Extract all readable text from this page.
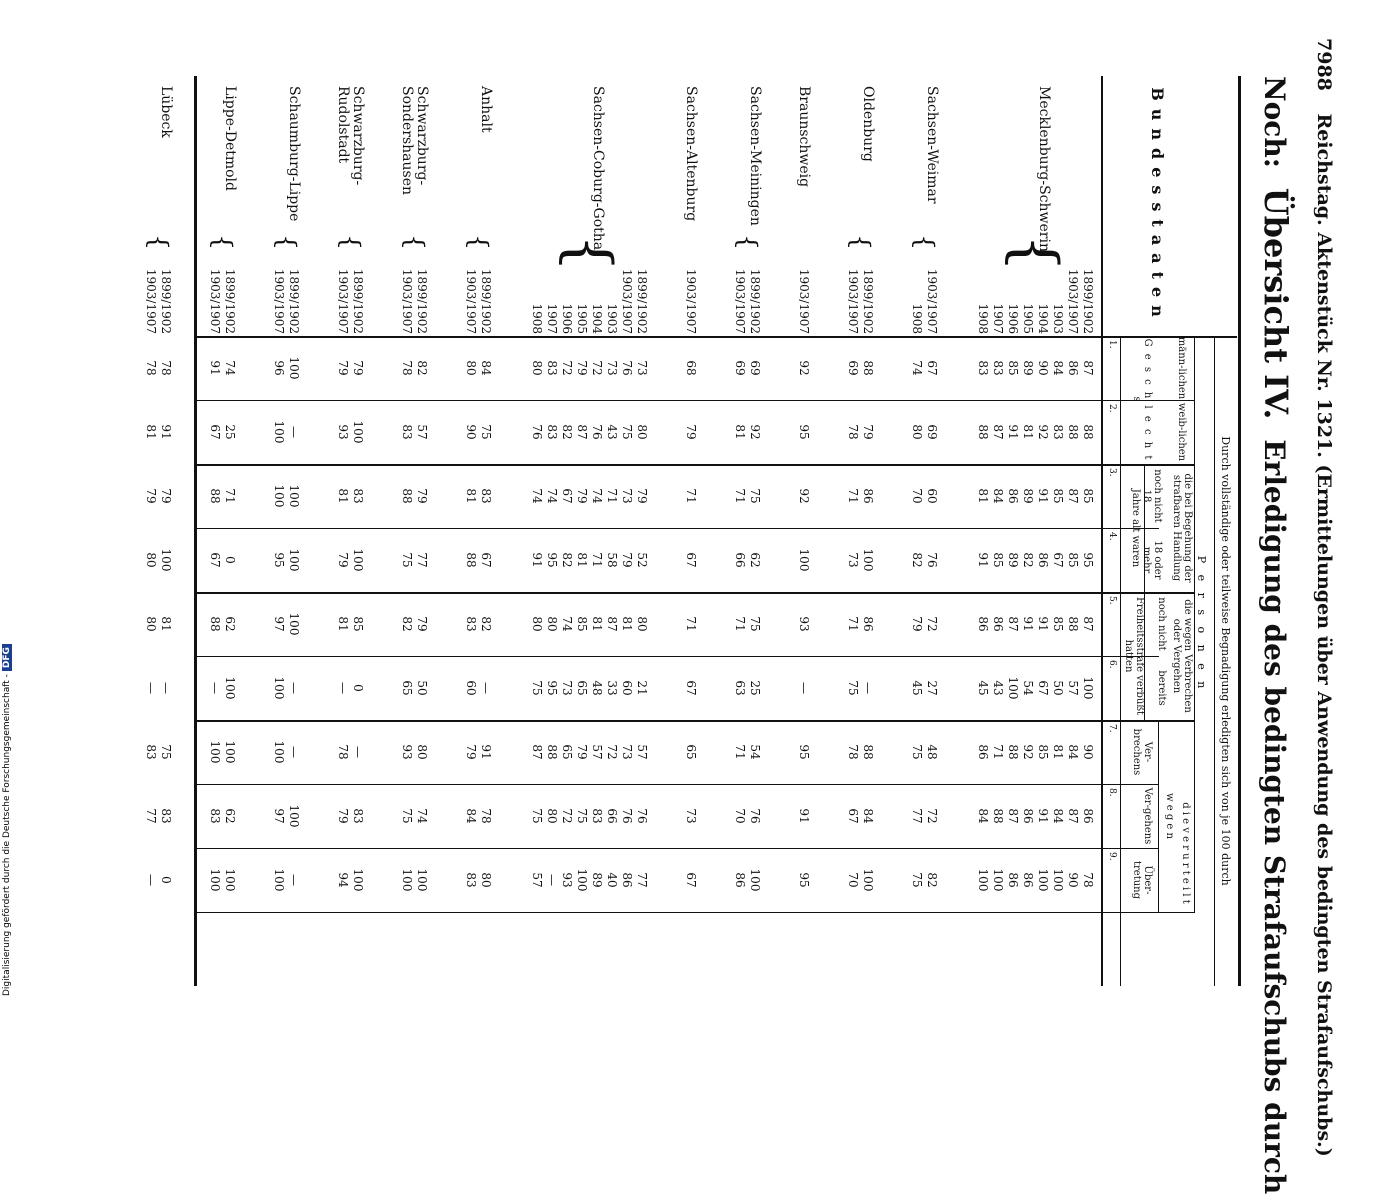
7988 Reichstag. Aktenstück Nr. 1321. (Ermittelungen über Anwendung des bedingten Strafaufschubs.)
Noch: Übersicht IV. Erledigung des bedingten Strafaufschubs durch
Bundesstaaten
Durch vollständige oder teilweise Begnadigung erledigten sich von je 100 durch
P e r s o n e n
d i e v e r u r t e i l t
w e g e n
G e s c h l e c h t s
männ-lichen
weib-lichen
die bei Begehung der strafbaren Handlung
noch nicht 18
18 oder mehr
Jahre alt waren
die wegen Verbrechen oder Vergehen
noch nicht
bereits
Freiheitsstrafe verbüßt hatten
Ver-brechens
Ver-gehens
Über-tretung
1.
2.
3.
4.
5.
6.
7.
8.
9.
Mecklenburg-Schwerin
{
1899/1902
1903/1907
1903
1904
1905
1906
1907
1908
87
86
84
90
89
85
83
83
88
88
83
92
81
91
87
88
85
87
85
91
89
86
84
81
95
85
67
86
82
89
85
91
87
88
85
91
91
87
86
86
100
57
50
67
54
100
43
45
90
84
81
85
92
88
71
86
86
87
84
91
86
87
88
84
78
90
100
100
86
86
100
100
Sachsen-Weimar
{
1903/1907
1908
67
74
69
80
60
70
76
82
72
79
27
45
48
75
72
77
82
75
Oldenburg
{
1899/1902
1903/1907
88
69
79
78
86
71
100
73
86
71
—
75
88
78
84
67
100
70
Braunschweig
1903/1907
92
95
92
100
93
—
95
91
95
Sachsen-Meiningen
{
1899/1902
1903/1907
69
69
92
81
75
71
62
66
75
71
25
63
54
71
76
70
100
86
Sachsen-Altenburg
1903/1907
68
79
71
67
71
67
65
73
67
Sachsen-Coburg-Gotha
{
1899/1902
1903/1907
1903
1904
1905
1906
1907
1908
73
76
73
72
79
72
83
80
80
75
43
76
87
82
83
76
79
73
71
74
79
67
74
74
52
79
58
71
81
82
95
91
80
81
87
81
85
74
80
80
21
60
33
48
65
73
95
75
57
73
72
57
79
65
88
87
76
76
66
83
75
72
80
75
77
86
40
89
100
93
—
57
Anhalt
{
1899/1902
1903/1907
84
80
75
90
83
81
67
88
82
83
—
60
91
79
78
84
80
83
Schwarzburg-Sondershausen
{
1899/1902
1903/1907
82
78
57
83
79
88
77
75
79
82
50
65
80
93
74
75
100
100
Schwarzburg-Rudolstadt
{
1899/1902
1903/1907
79
79
100
93
83
81
100
79
85
81
0
—
—
78
83
79
100
94
Schaumburg-Lippe
{
1899/1902
1903/1907
100
96
—
100
100
100
100
95
100
97
—
100
—
100
100
97
—
100
Lippe-Detmold
{
1899/1902
1903/1907
74
91
25
67
71
88
0
67
62
88
100
—
100
100
62
83
100
100
Lübeck
{
1899/1902
1903/1907
78
78
91
81
79
79
100
80
81
80
—
—
75
83
83
77
0
—
Digitalisierung gefördert durch die Deutsche Forschungsgemeinschaft -DFG
